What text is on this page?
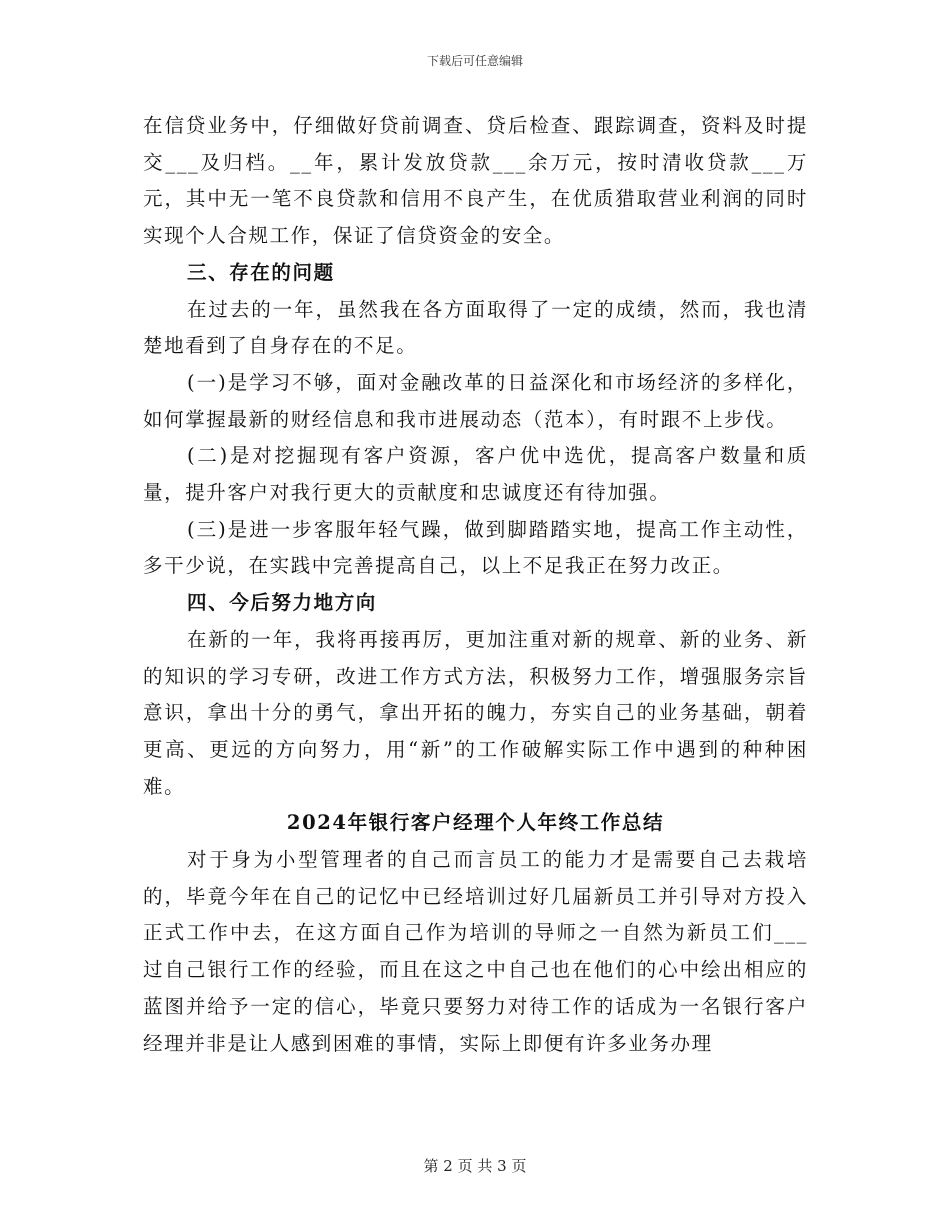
下载后可任意编辑

在信贷业务中，仔细做好贷前调查、贷后检查、跟踪调查，资料及时提交___及归档。__年，累计发放贷款___余万元，按时清收贷款___万元，其中无一笔不良贷款和信用不良产生，在优质猎取营业利润的同时实现个人合规工作，保证了信贷资金的安全。

三、存在的问题

在过去的一年，虽然我在各方面取得了一定的成绩，然而，我也清楚地看到了自身存在的不足。

(一)是学习不够，面对金融改革的日益深化和市场经济的多样化，如何掌握最新的财经信息和我市进展动态（范本），有时跟不上步伐。

(二)是对挖掘现有客户资源，客户优中选优，提高客户数量和质量，提升客户对我行更大的贡献度和忠诚度还有待加强。

(三)是进一步客服年轻气躁，做到脚踏踏实地，提高工作主动性，多干少说，在实践中完善提高自己，以上不足我正在努力改正。

四、今后努力地方向

在新的一年，我将再接再厉，更加注重对新的规章、新的业务、新的知识的学习专研，改进工作方式方法，积极努力工作，增强服务宗旨意识，拿出十分的勇气，拿出开拓的魄力，夯实自己的业务基础，朝着更高、更远的方向努力，用“新”的工作破解实际工作中遇到的种种困难。

2024年银行客户经理个人年终工作总结

对于身为小型管理者的自己而言员工的能力才是需要自己去栽培的，毕竟今年在自己的记忆中已经培训过好几届新员工并引导对方投入正式工作中去，在这方面自己作为培训的导师之一自然为新员工们___过自己银行工作的经验，而且在这之中自己也在他们的心中绘出相应的蓝图并给予一定的信心，毕竟只要努力对待工作的话成为一名银行客户经理并非是让人感到困难的事情，实际上即便有许多业务办理

第 2 页 共 3 页
